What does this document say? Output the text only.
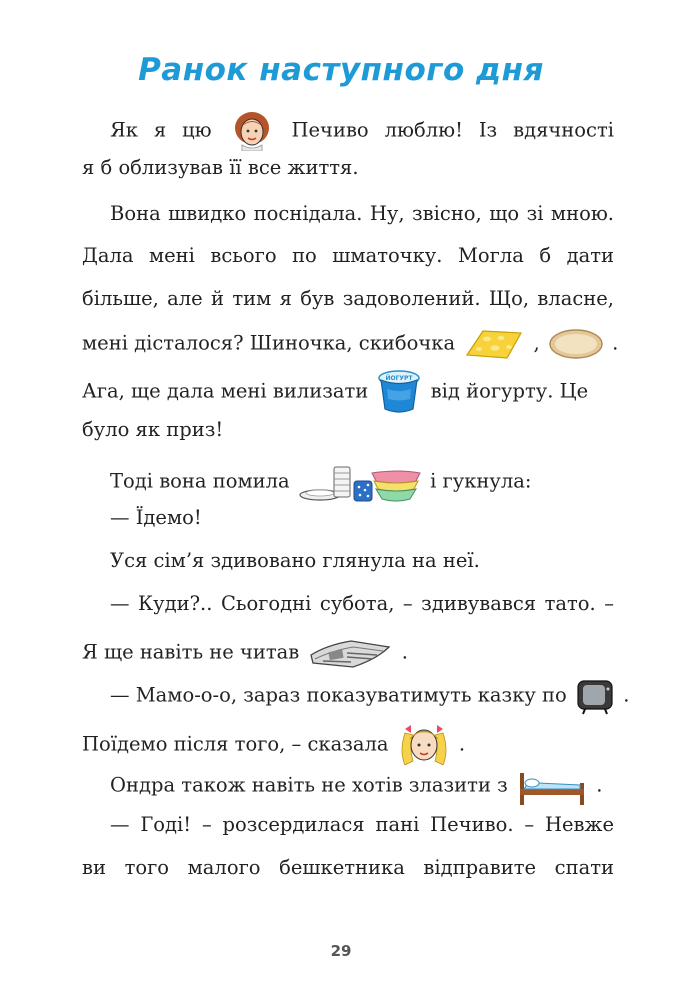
Ранок наступного дня
Як я цю	Печиво люблю! Із вдячності
я б облизував її все життя.
Вона швидко поснідала. Ну, звісно, що зі мною.
Дала мені всього по шматочку. Могла б дати
більше, але й тим я був задоволений. Що, власне,
мені дісталося? Шиночка, скибочка	,	.
Ага, ще дала мені вилизати
ЙОГУРТ
від йогурту. Це
було як приз!
Тоді вона помила	і гукнула:
— Їдемо!
Уся сім’я здивовано глянула на неї.
— Куди?.. Сьогодні субота, – здивувався тато. –
Я ще навіть не читав	.
— Мамо-о-о, зараз показуватимуть казку по	.
Поїдемо після того, – сказала	.
Ондра також навіть не хотів злазити з	.
— Годі! – розсердилася пані Печиво. – Невже
ви того малого бешкетника відправите спати
29
